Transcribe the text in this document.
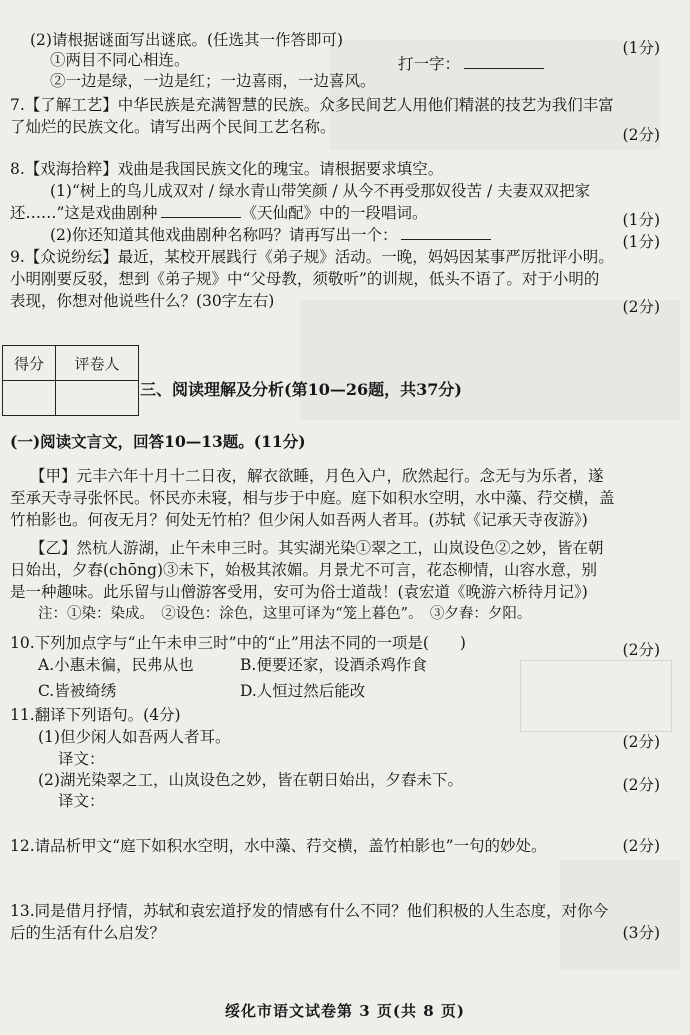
(2)请根据谜面写出谜底。(任选其一作答即可)	(1分)
①两目不同心相连。
②一边是绿，一边是红；一边喜雨，一边喜风。
打一字：
7.【了解工艺】中华民族是充满智慧的民族。众多民间艺人用他们精湛的技艺为我们丰富
了灿烂的民族文化。请写出两个民间工艺名称。	(2分)
8.【戏海拾粹】戏曲是我国民族文化的瑰宝。请根据要求填空。
(1)“树上的鸟儿成双对 / 绿水青山带笑颜 / 从今不再受那奴役苦 / 夫妻双双把家
还……”这是戏曲剧种	《天仙配》中的一段唱词。	(1分)
(2)你还知道其他戏曲剧种名称吗？请再写出一个：	(1分)
9.【众说纷纭】最近，某校开展践行《弟子规》活动。一晚，妈妈因某事严厉批评小明。
小明刚要反驳，想到《弟子规》中“父母教，须敬听”的训规，低头不语了。对于小明的
表现，你想对他说些什么？(30字左右)	(2分)
得分	评卷人

三、阅读理解及分析(第10—26题，共37分)
(一)阅读文言文，回答10—13题。(11分)
【甲】元丰六年十月十二日夜，解衣欲睡，月色入户，欣然起行。念无与为乐者，遂
至承天寺寻张怀民。怀民亦未寝，相与步于中庭。庭下如积水空明，水中藻、荇交横，盖
竹柏影也。何夜无月？何处无竹柏？但少闲人如吾两人者耳。(苏轼《记承天寺夜游》)
【乙】然杭人游湖，止午未申三时。其实湖光染①翠之工，山岚设色②之妙，皆在朝
日始出，夕舂(chōng)③未下，始极其浓媚。月景尤不可言，花态柳情，山容水意，别
是一种趣味。此乐留与山僧游客受用，安可为俗士道哉！(袁宏道《晚游六桥待月记》)
注：①染：染成。　②设色：涂色，这里可译为“笼上暮色”。　③夕舂：夕阳。
10.下列加点字与“止午未申三时”中的“止”用法不同的一项是(　　)	(2分)
A.小惠未徧，民弗从也	B.便要还家，设酒杀鸡作食
C.皆被绮绣	D.人恒过然后能改
11.翻译下列语句。(4分)
(1)但少闲人如吾两人者耳。	(2分)
译文：
(2)湖光染翠之工，山岚设色之妙，皆在朝日始出，夕舂未下。	(2分)
译文：
12.请品析甲文“庭下如积水空明，水中藻、荇交横，盖竹柏影也”一句的妙处。	(2分)
13.同是借月抒情，苏轼和袁宏道抒发的情感有什么不同？他们积极的人生态度，对你今
后的生活有什么启发？	(3分)
绥化市语文试卷第 3 页(共 8 页)
